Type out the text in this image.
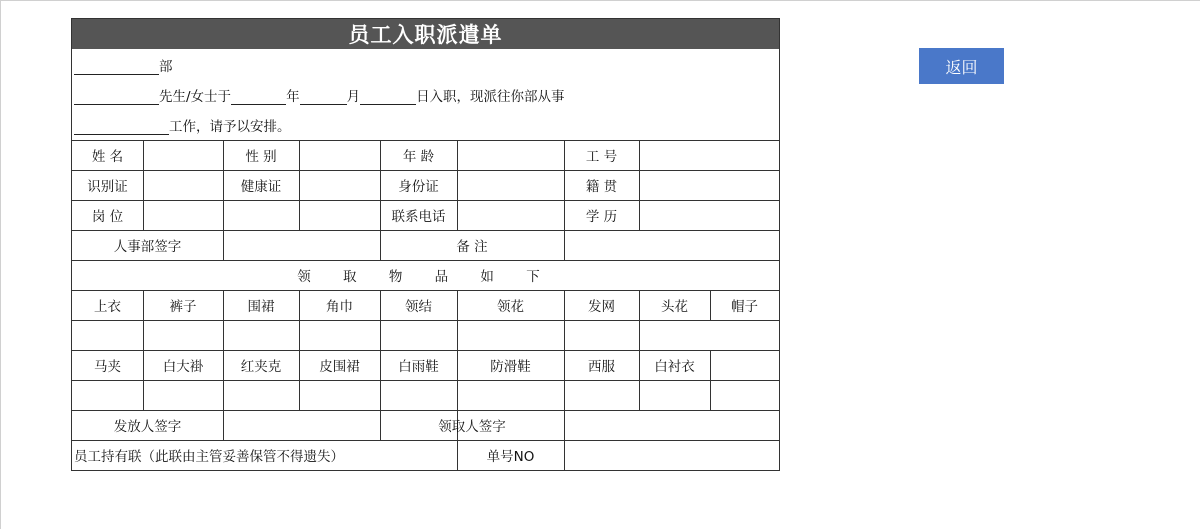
员工入职派遣单
部
先生/女士于	年	月	日入职，现派往你部从事
工作，请予以安排。
姓 名	性 别	年 龄	工 号
识别证	健康证	身份证	籍 贯
岗 位	联系电话	学 历
人事部签字	备 注
领 取 物 品 如 下
上衣	裤子	围裙	角巾	领结	领花	发网	头花	帽子
马夹	白大褂	红夹克	皮围裙	白雨鞋	防滑鞋	西服	白衬衣
发放人签字	领取人签字
员工持有联（此联由主管妥善保管不得遗失）	单号NO
返回
